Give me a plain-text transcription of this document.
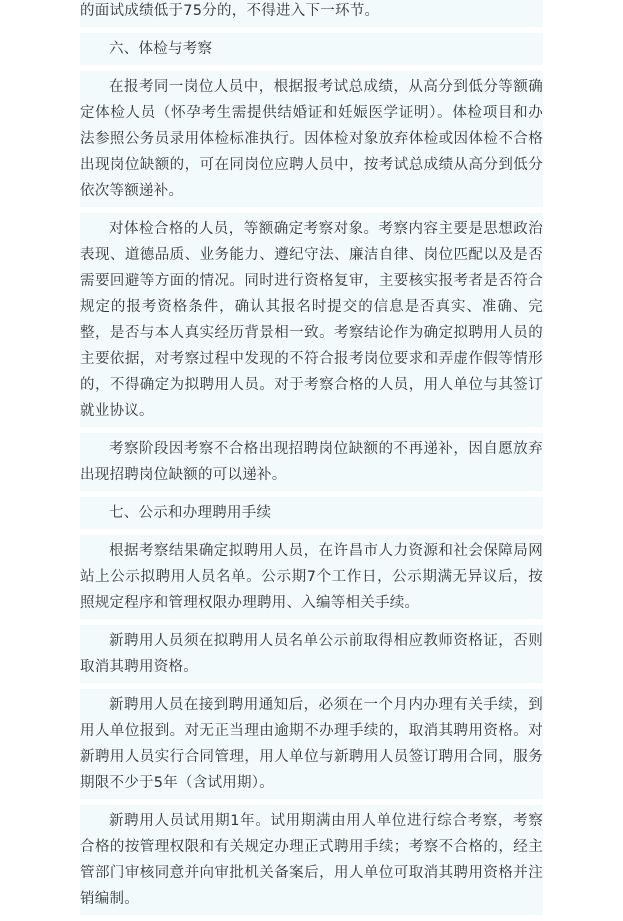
的面试成绩低于75分的，不得进入下一环节。

六、体检与考察

在报考同一岗位人员中，根据报考试总成绩，从高分到低分等额确定体检人员（怀孕考生需提供结婚证和妊娠医学证明）。体检项目和办法参照公务员录用体检标准执行。因体检对象放弃体检或因体检不合格出现岗位缺额的，可在同岗位应聘人员中，按考试总成绩从高分到低分依次等额递补。

对体检合格的人员，等额确定考察对象。考察内容主要是思想政治表现、道德品质、业务能力、遵纪守法、廉洁自律、岗位匹配以及是否需要回避等方面的情况。同时进行资格复审，主要核实报考者是否符合规定的报考资格条件，确认其报名时提交的信息是否真实、准确、完整，是否与本人真实经历背景相一致。考察结论作为确定拟聘用人员的主要依据，对考察过程中发现的不符合报考岗位要求和弄虚作假等情形的，不得确定为拟聘用人员。对于考察合格的人员，用人单位与其签订就业协议。

考察阶段因考察不合格出现招聘岗位缺额的不再递补，因自愿放弃出现招聘岗位缺额的可以递补。

七、公示和办理聘用手续

根据考察结果确定拟聘用人员，在许昌市人力资源和社会保障局网站上公示拟聘用人员名单。公示期7个工作日，公示期满无异议后，按照规定程序和管理权限办理聘用、入编等相关手续。

新聘用人员须在拟聘用人员名单公示前取得相应教师资格证，否则取消其聘用资格。

新聘用人员在接到聘用通知后，必须在一个月内办理有关手续，到用人单位报到。对无正当理由逾期不办理手续的，取消其聘用资格。对新聘用人员实行合同管理，用人单位与新聘用人员签订聘用合同，服务期限不少于5年（含试用期）。

新聘用人员试用期1年。试用期满由用人单位进行综合考察，考察合格的按管理权限和有关规定办理正式聘用手续；考察不合格的，经主管部门审核同意并向审批机关备案后，用人单位可取消其聘用资格并注销编制。
